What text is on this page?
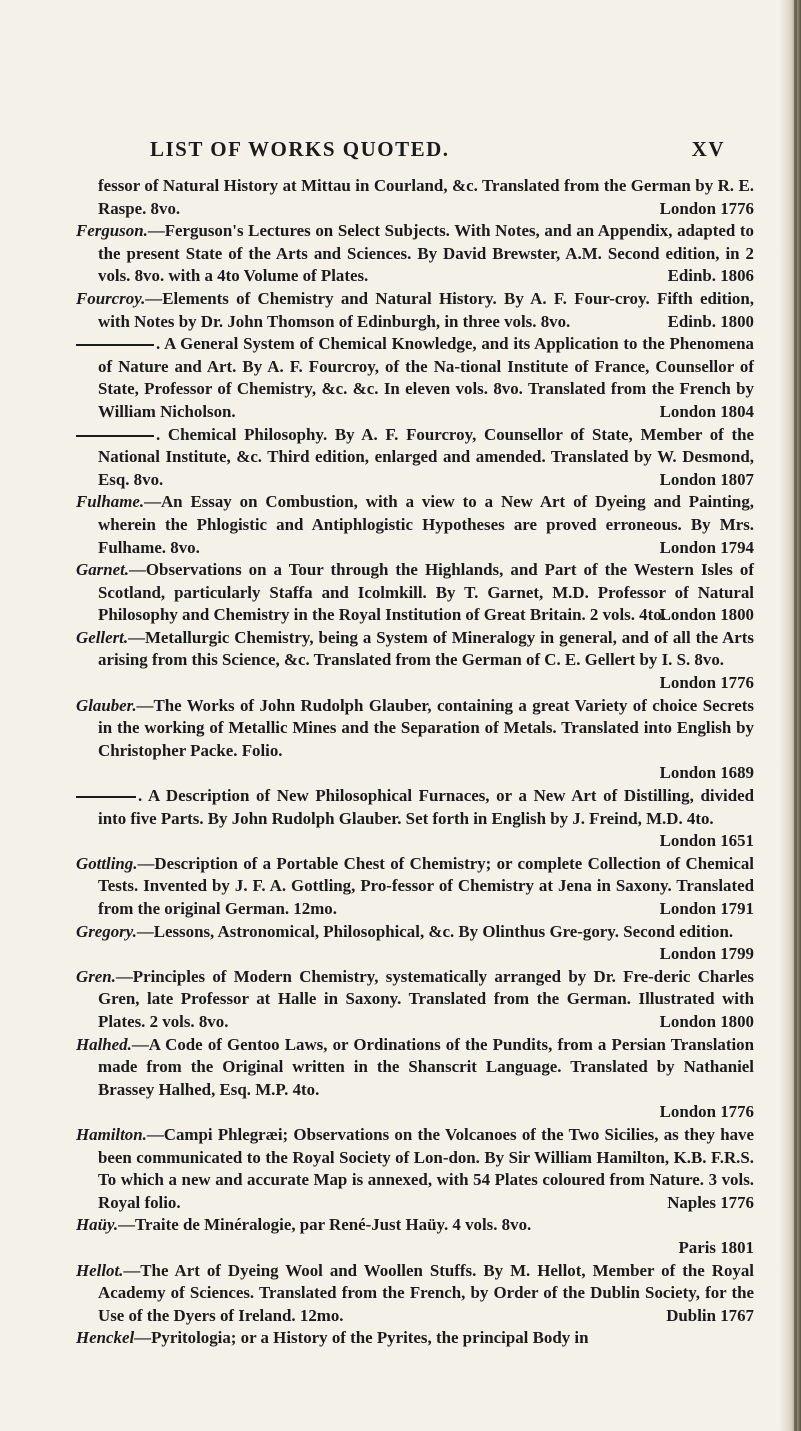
LIST OF WORKS QUOTED.	XV

fessor of Natural History at Mittau in Courland, &c. Translated from the German by R. E. Raspe. 8vo.	London 1776

Ferguson.—Ferguson's Lectures on Select Subjects. With Notes, and an Appendix, adapted to the present State of the Arts and Sciences. By David Brewster, A.M. Second edition, in 2 vols. 8vo. with a 4to Volume of Plates.	Edinb. 1806

Fourcroy.—Elements of Chemistry and Natural History. By A. F. Four-croy. Fifth edition, with Notes by Dr. John Thomson of Edinburgh, in three vols. 8vo.	Edinb. 1800

. A General System of Chemical Knowledge, and its Application to the Phenomena of Nature and Art. By A. F. Fourcroy, of the Na-tional Institute of France, Counsellor of State, Professor of Chemistry, &c. &c. In eleven vols. 8vo. Translated from the French by William Nicholson.	London 1804

. Chemical Philosophy. By A. F. Fourcroy, Counsellor of State, Member of the National Institute, &c. Third edition, enlarged and amended. Translated by W. Desmond, Esq. 8vo.	London 1807

Fulhame.—An Essay on Combustion, with a view to a New Art of Dyeing and Painting, wherein the Phlogistic and Antiphlogistic Hypotheses are proved erroneous. By Mrs. Fulhame. 8vo.	London 1794

Garnet.—Observations on a Tour through the Highlands, and Part of the Western Isles of Scotland, particularly Staffa and Icolmkill. By T. Garnet, M.D. Professor of Natural Philosophy and Chemistry in the Royal Institution of Great Britain. 2 vols. 4to.
London 1800

Gellert.—Metallurgic Chemistry, being a System of Mineralogy in general, and of all the Arts arising from this Science, &c. Translated from the German of C. E. Gellert by I. S. 8vo.
London 1776

Glauber.—The Works of John Rudolph Glauber, containing a great Variety of choice Secrets in the working of Metallic Mines and the Separation of Metals. Translated into English by Christopher Packe. Folio.
London 1689

. A Description of New Philosophical Furnaces, or a New Art of Distilling, divided into five Parts. By John Rudolph Glauber. Set forth in English by J. Freind, M.D. 4to.
London 1651

Gottling.—Description of a Portable Chest of Chemistry; or complete Collection of Chemical Tests. Invented by J. F. A. Gottling, Pro-fessor of Chemistry at Jena in Saxony. Translated from the original German. 12mo.	London 1791

Gregory.—Lessons, Astronomical, Philosophical, &c. By Olinthus Gre-gory. Second edition.
London 1799

Gren.—Principles of Modern Chemistry, systematically arranged by Dr. Fre-deric Charles Gren, late Professor at Halle in Saxony. Translated from the German. Illustrated with Plates. 2 vols. 8vo.	London 1800

Halhed.—A Code of Gentoo Laws, or Ordinations of the Pundits, from a Persian Translation made from the Original written in the Shanscrit Language. Translated by Nathaniel Brassey Halhed, Esq. M.P. 4to.
London 1776

Hamilton.—Campi Phlegræi; Observations on the Volcanoes of the Two Sicilies, as they have been communicated to the Royal Society of Lon-don. By Sir William Hamilton, K.B. F.R.S. To which a new and accurate Map is annexed, with 54 Plates coloured from Nature. 3 vols. Royal folio.	Naples 1776

Haüy.—Traite de Minéralogie, par René-Just Haüy. 4 vols. 8vo.
Paris 1801

Hellot.—The Art of Dyeing Wool and Woollen Stuffs. By M. Hellot, Member of the Royal Academy of Sciences. Translated from the French, by Order of the Dublin Society, for the Use of the Dyers of Ireland. 12mo.	Dublin 1767

Henckel—Pyritologia; or a History of the Pyrites, the principal Body in
